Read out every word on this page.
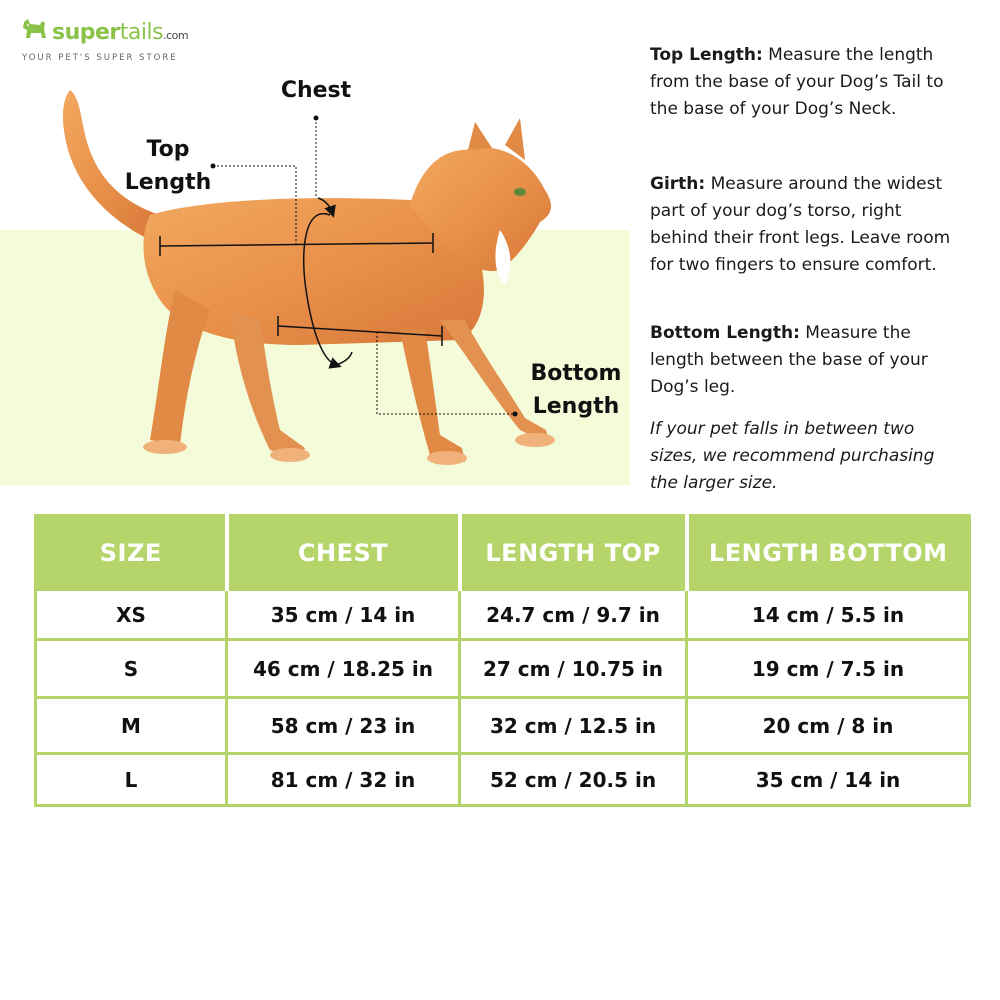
supertails.com
YOUR PET'S SUPER STORE
Chest
Top
Length
Bottom
Length

Top Length: Measure the length from the base of your Dog’s Tail to the base of your Dog’s Neck.

Girth: Measure around the widest part of your dog’s torso, right behind their front legs. Leave room for two fingers to ensure comfort.

Bottom Length: Measure the length between the base of your Dog’s leg.

If your pet falls in between two sizes, we recommend purchasing the larger size.

SIZE	CHEST	LENGTH TOP	LENGTH BOTTOM
XS	35 cm / 14 in	24.7 cm / 9.7 in	14 cm / 5.5 in
S	46 cm / 18.25 in	27 cm / 10.75 in	19 cm / 7.5 in
M	58 cm / 23 in	32 cm / 12.5 in	20 cm / 8 in
L	81 cm / 32 in	52 cm / 20.5 in	35 cm / 14 in
